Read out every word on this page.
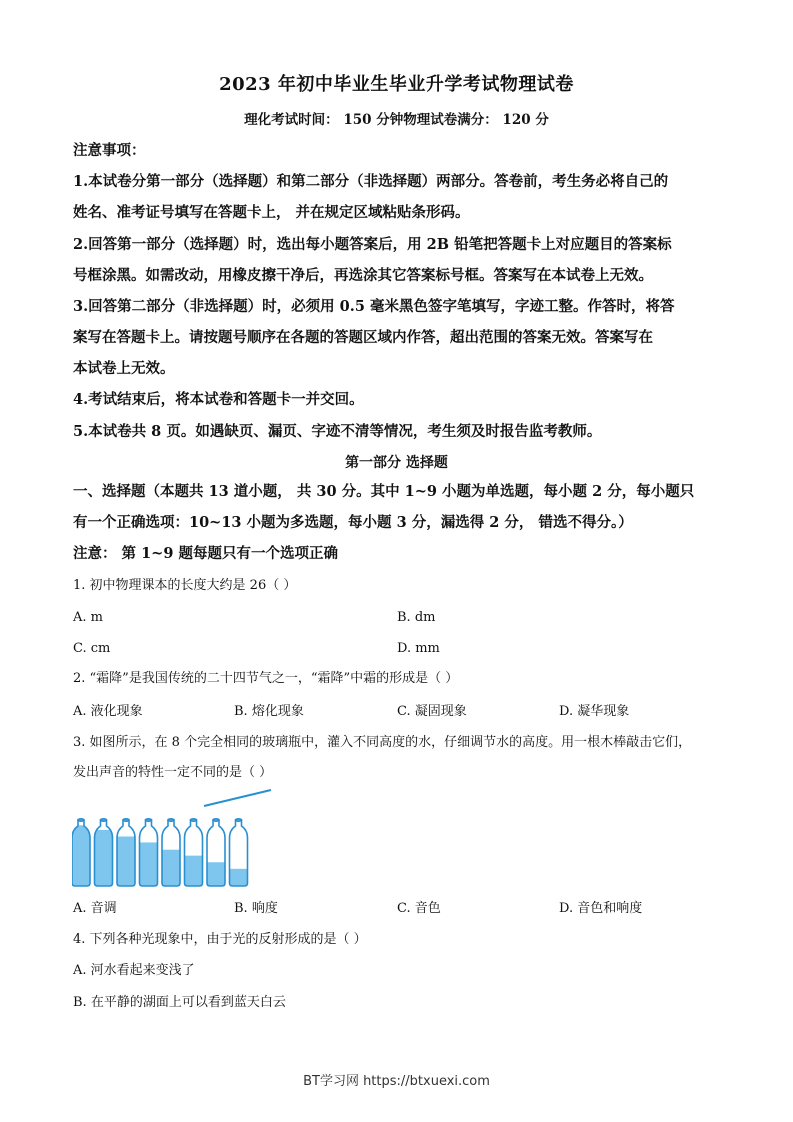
2023 年初中毕业生毕业升学考试物理试卷
理化考试时间： 150 分钟物理试卷满分： 120 分
注意事项：
1.本试卷分第一部分（选择题）和第二部分（非选择题）两部分。答卷前，考生务必将自己的
姓名、准考证号填写在答题卡上， 并在规定区域粘贴条形码。
2.回答第一部分（选择题）时，选出每小题答案后，用 2B 铅笔把答题卡上对应题目的答案标
号框涂黑。如需改动，用橡皮擦干净后，再选涂其它答案标号框。答案写在本试卷上无效。
3.回答第二部分（非选择题）时，必须用 0.5 毫米黑色签字笔填写，字迹工整。作答时，将答
案写在答题卡上。请按题号顺序在各题的答题区域内作答，超出范围的答案无效。答案写在
本试卷上无效。
4.考试结束后，将本试卷和答题卡一并交回。
5.本试卷共 8 页。如遇缺页、漏页、字迹不清等情况，考生须及时报告监考教师。
第一部分 选择题
一、选择题（本题共 13 道小题， 共 30 分。其中 1~9 小题为单选题，每小题 2 分，每小题只
有一个正确选项：10~13 小题为多选题，每小题 3 分，漏选得 2 分， 错选不得分。）
注意： 第 1~9 题每题只有一个选项正确
1. 初中物理课本的长度大约是 26（ ）
A. m	B. dm
C. cm	D. mm
2. “霜降”是我国传统的二十四节气之一，“霜降”中霜的形成是（ ）
A. 液化现象	B. 熔化现象	C. 凝固现象	D. 凝华现象
3. 如图所示，在 8 个完全相同的玻璃瓶中，灌入不同高度的水，仔细调节水的高度。用一根木棒敲击它们，
发出声音的特性一定不同的是（ ）
A. 音调	B. 响度	C. 音色	D. 音色和响度
4. 下列各种光现象中，由于光的反射形成的是（ ）
A. 河水看起来变浅了
B. 在平静的湖面上可以看到蓝天白云
BT学习网 https://btxuexi.com
